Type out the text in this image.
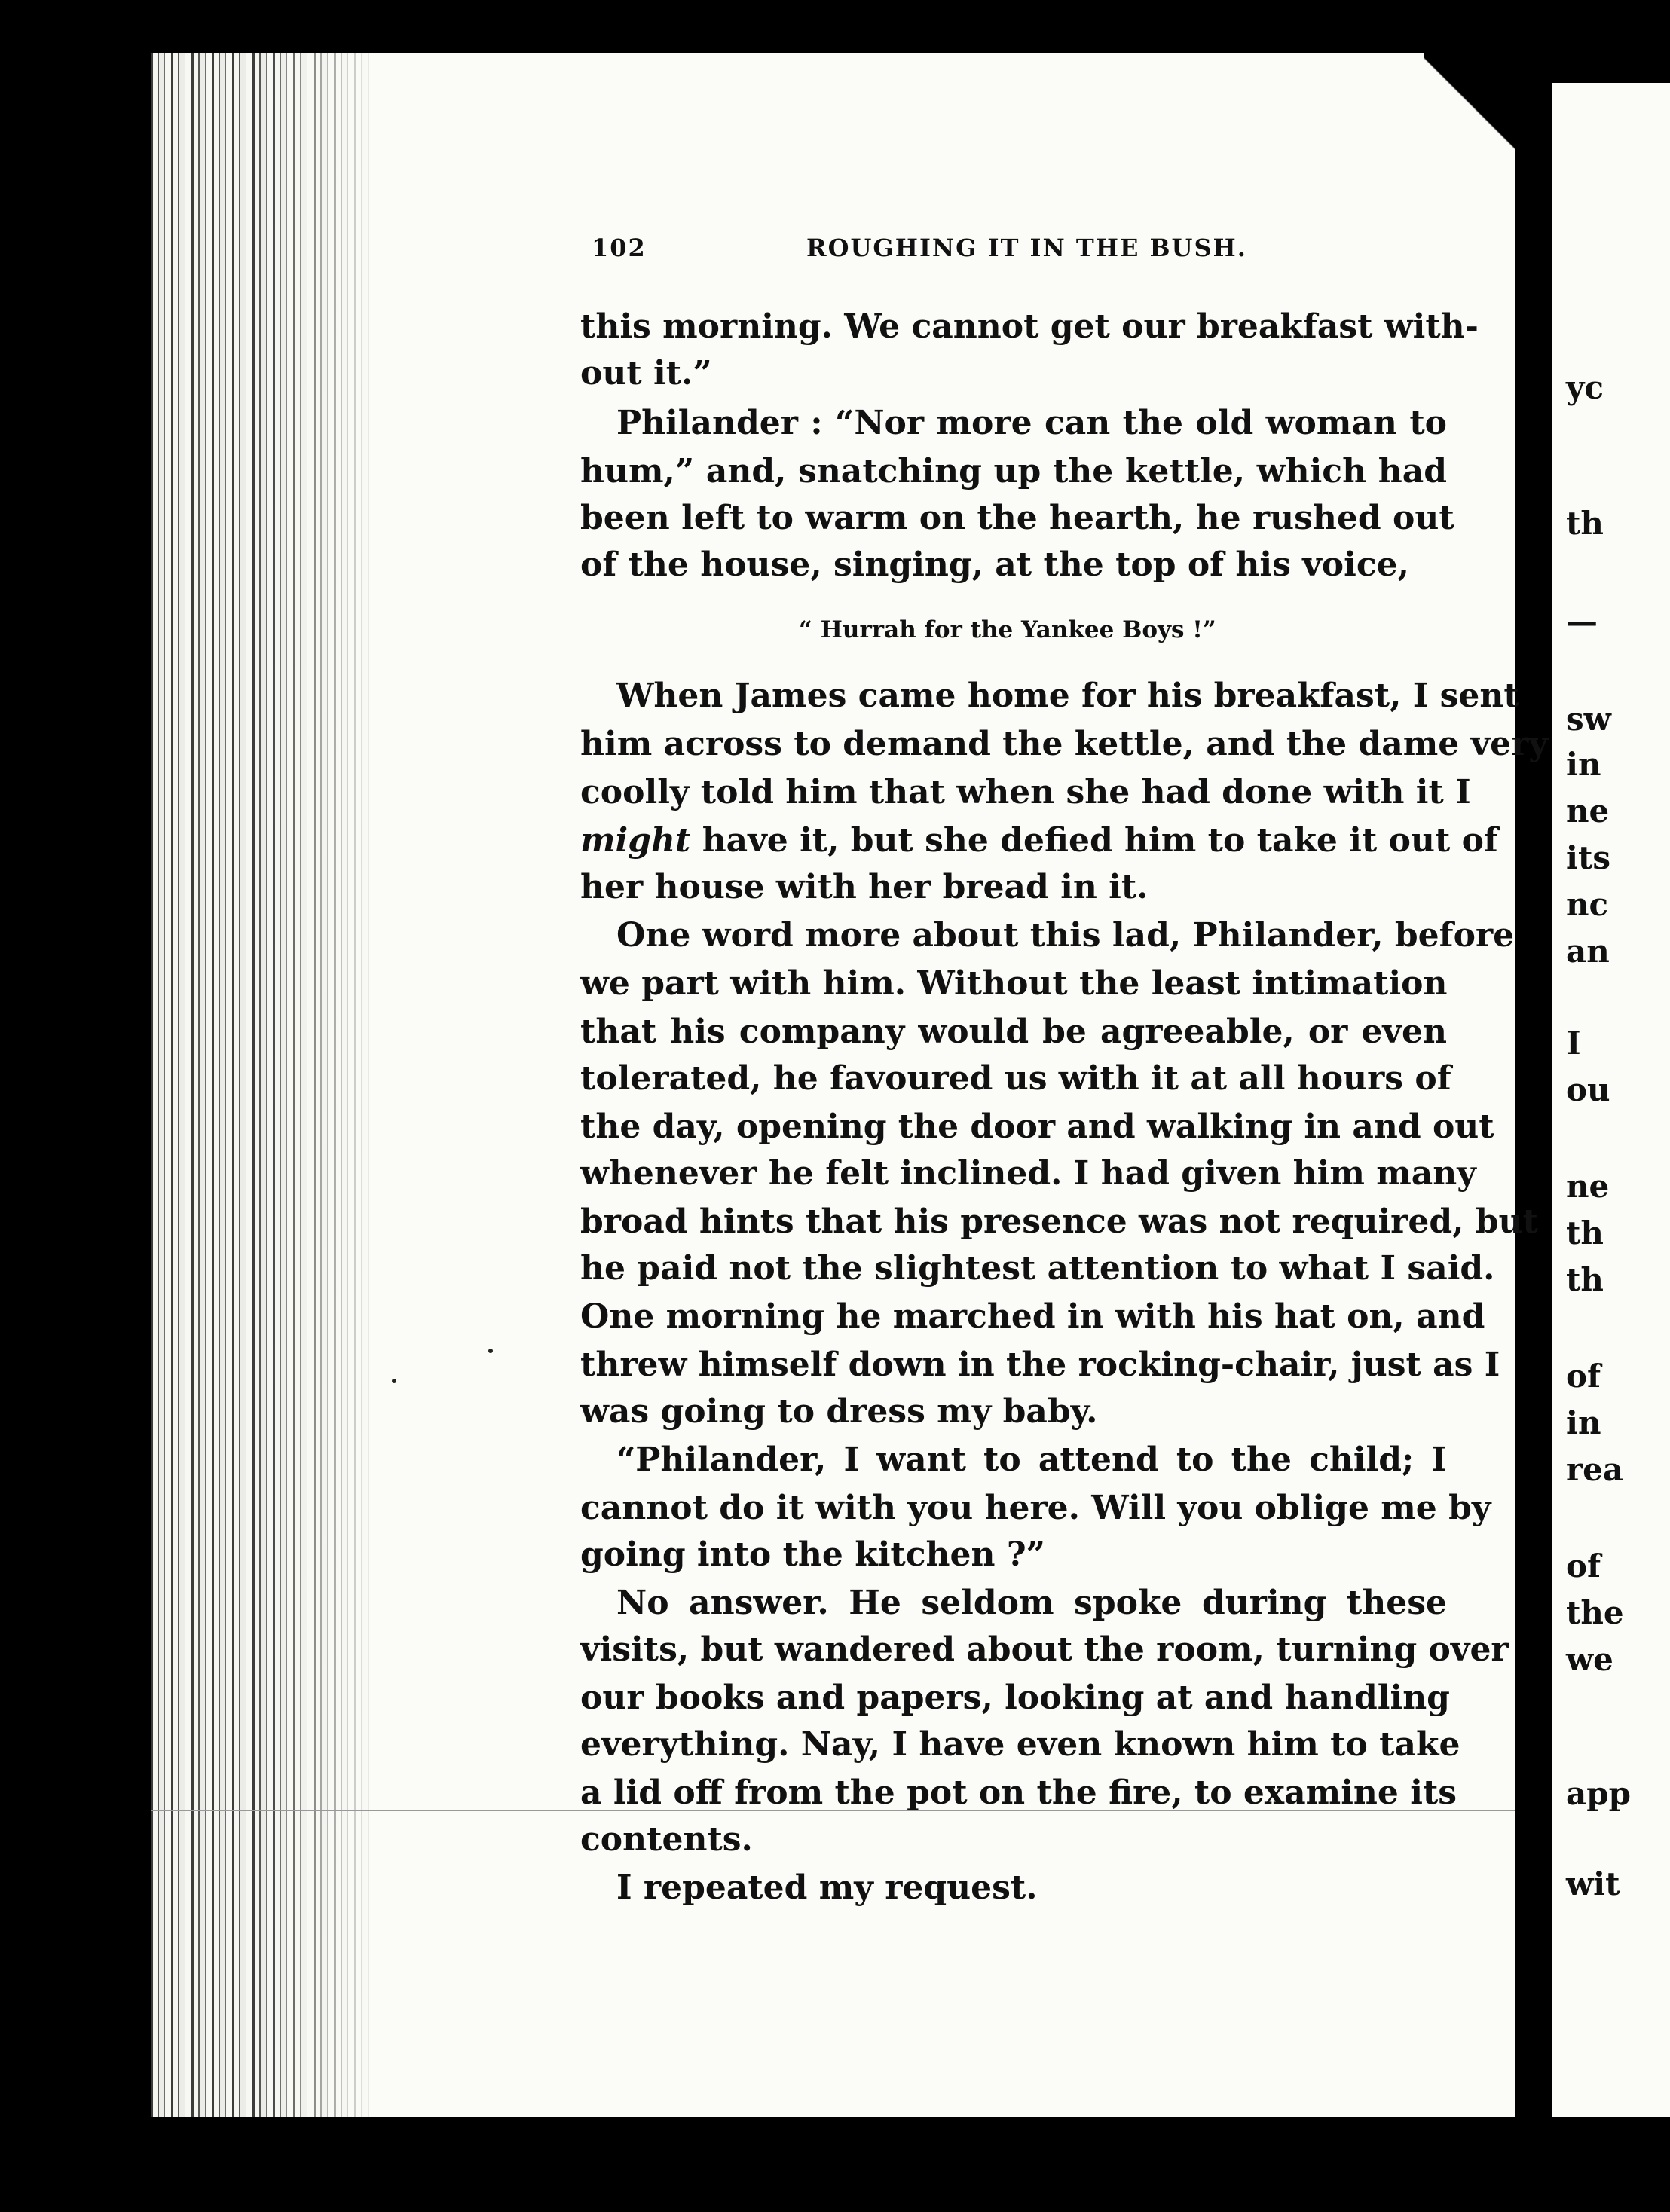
102	ROUGHING IT IN THE BUSH.
this morning. We cannot get our breakfast with-
out it.”
Philander : “Nor more can the old woman to
hum,” and, snatching up the kettle, which had
been left to warm on the hearth, he rushed out
of the house, singing, at the top of his voice,
“ Hurrah for the Yankee Boys !”
When James came home for his breakfast, I sent
him across to demand the kettle, and the dame very
coolly told him that when she had done with it I
might have it, but she defied him to take it out of
her house with her bread in it.
One word more about this lad, Philander, before
we part with him. Without the least intimation
that his company would be agreeable, or even
tolerated, he favoured us with it at all hours of
the day, opening the door and walking in and out
whenever he felt inclined. I had given him many
broad hints that his presence was not required, but
he paid not the slightest attention to what I said.
One morning he marched in with his hat on, and
threw himself down in the rocking-chair, just as I
was going to dress my baby.
“Philander, I want to attend to the child; I
cannot do it with you here. Will you oblige me by
going into the kitchen ?”
No answer. He seldom spoke during these
visits, but wandered about the room, turning over
our books and papers, looking at and handling
everything. Nay, I have even known him to take
a lid off from the pot on the fire, to examine its
contents.
I repeated my request.
yc
th
—
sw
in
ne
its
nc
an
I
ou
ne
th
th
of
in
rea
of
the
we
app
wit
